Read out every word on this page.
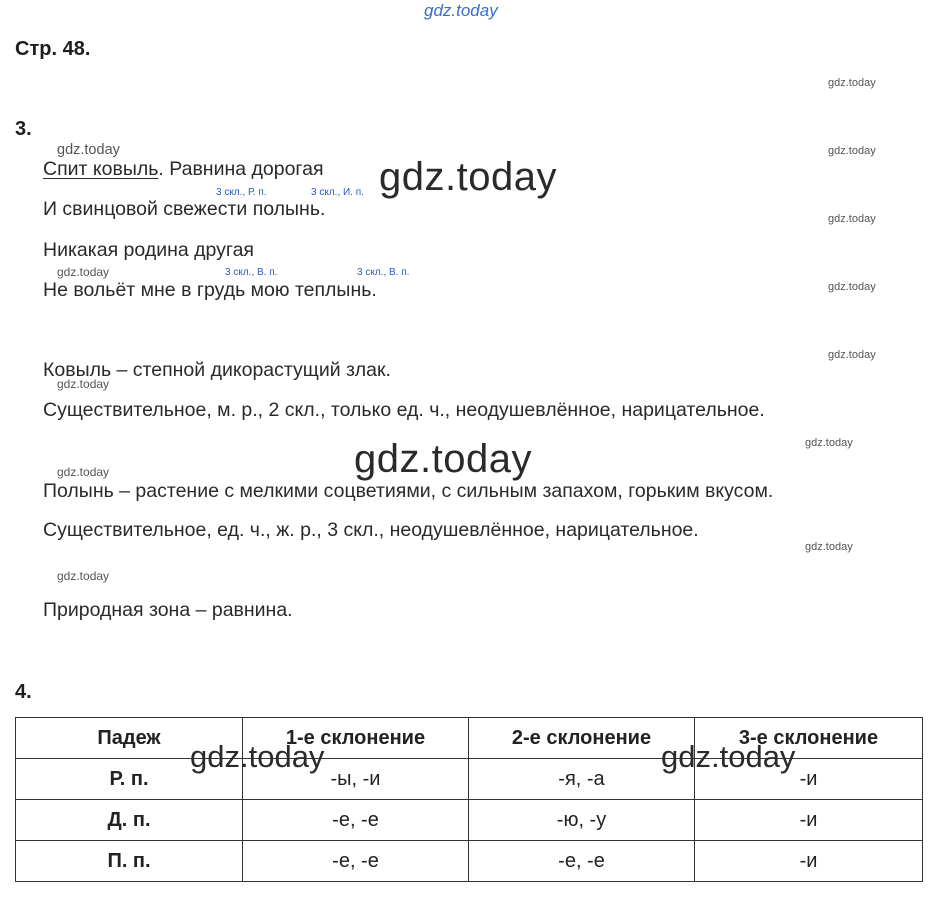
gdz.today
Стр. 48.
gdz.today
gdz.today
gdz.today
gdz.today
gdz.today
gdz.today
gdz.today
3.
gdz.today
Спит ковыль. Равнина дорогая gdz.today
3 скл., Р. п.	3 скл., И. п.
И свинцовой свежести полынь.
Никакая родина другая
gdz.today	3 скл., В. п.	3 скл., В. п.
Не вольёт мне в грудь мою теплынь.
Ковыль – степной дикорастущий злак.
gdz.today
Существительное, м. р., 2 скл., только ед. ч., неодушевлённое, нарицательное.
gdz.today
gdz.today
Полынь – растение с мелкими соцветиями, с сильным запахом, горьким вкусом.
Существительное, ед. ч., ж. р., 3 скл., неодушевлённое, нарицательное.
gdz.today
Природная зона – равнина.
4.
Падеж	1-е склонение	2-е склонение	3-е склонение
Р. п.	-ы, -и	-я, -а	-и
Д. п.	-е, -е	-ю, -у	-и
П. п.	-е, -е	-е, -е	-и
gdz.today	gdz.today
